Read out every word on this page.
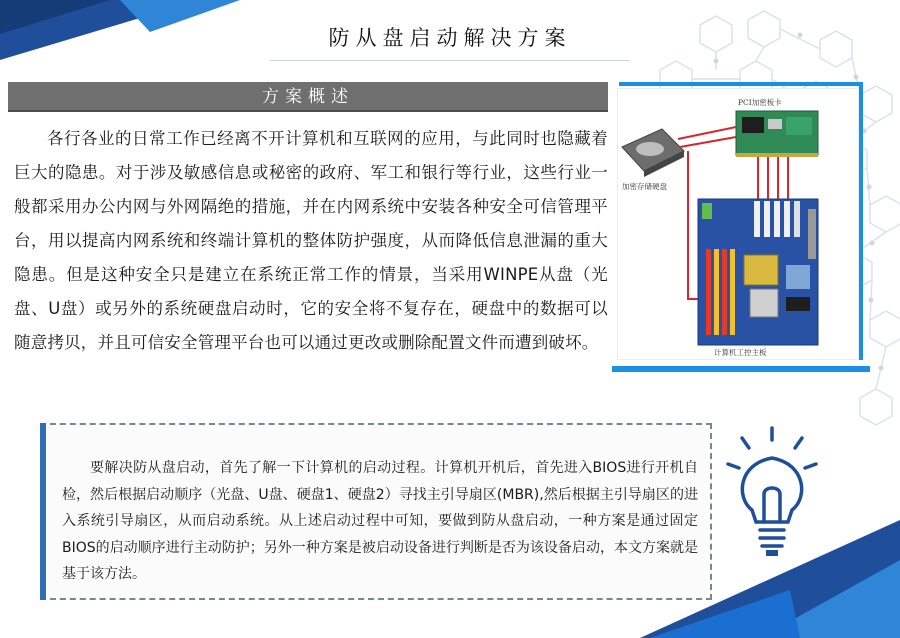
防从盘启动解决方案
方案概述
各行各业的日常工作已经离不开计算机和互联网的应用，与此同时也隐藏着巨大的隐患。对于涉及敏感信息或秘密的政府、军工和银行等行业，这些行业一般都采用办公内网与外网隔绝的措施，并在内网系统中安装各种安全可信管理平台，用以提高内网系统和终端计算机的整体防护强度，从而降低信息泄漏的重大隐患。但是这种安全只是建立在系统正常工作的情景，当采用WINPE从盘（光盘、U盘）或另外的系统硬盘启动时，它的安全将不复存在，硬盘中的数据可以随意拷贝，并且可信安全管理平台也可以通过更改或删除配置文件而遭到破坏。
PCI加密板卡
加密存储硬盘
计算机工控主板
要解决防从盘启动，首先了解一下计算机的启动过程。计算机开机后，首先进入BIOS进行开机自检，然后根据启动顺序（光盘、U盘、硬盘1、硬盘2）寻找主引导扇区(MBR),然后根据主引导扇区的进入系统引导扇区，从而启动系统。从上述启动过程中可知，要做到防从盘启动，一种方案是通过固定BIOS的启动顺序进行主动防护；另外一种方案是被启动设备进行判断是否为该设备启动，本文方案就是基于该方法。
